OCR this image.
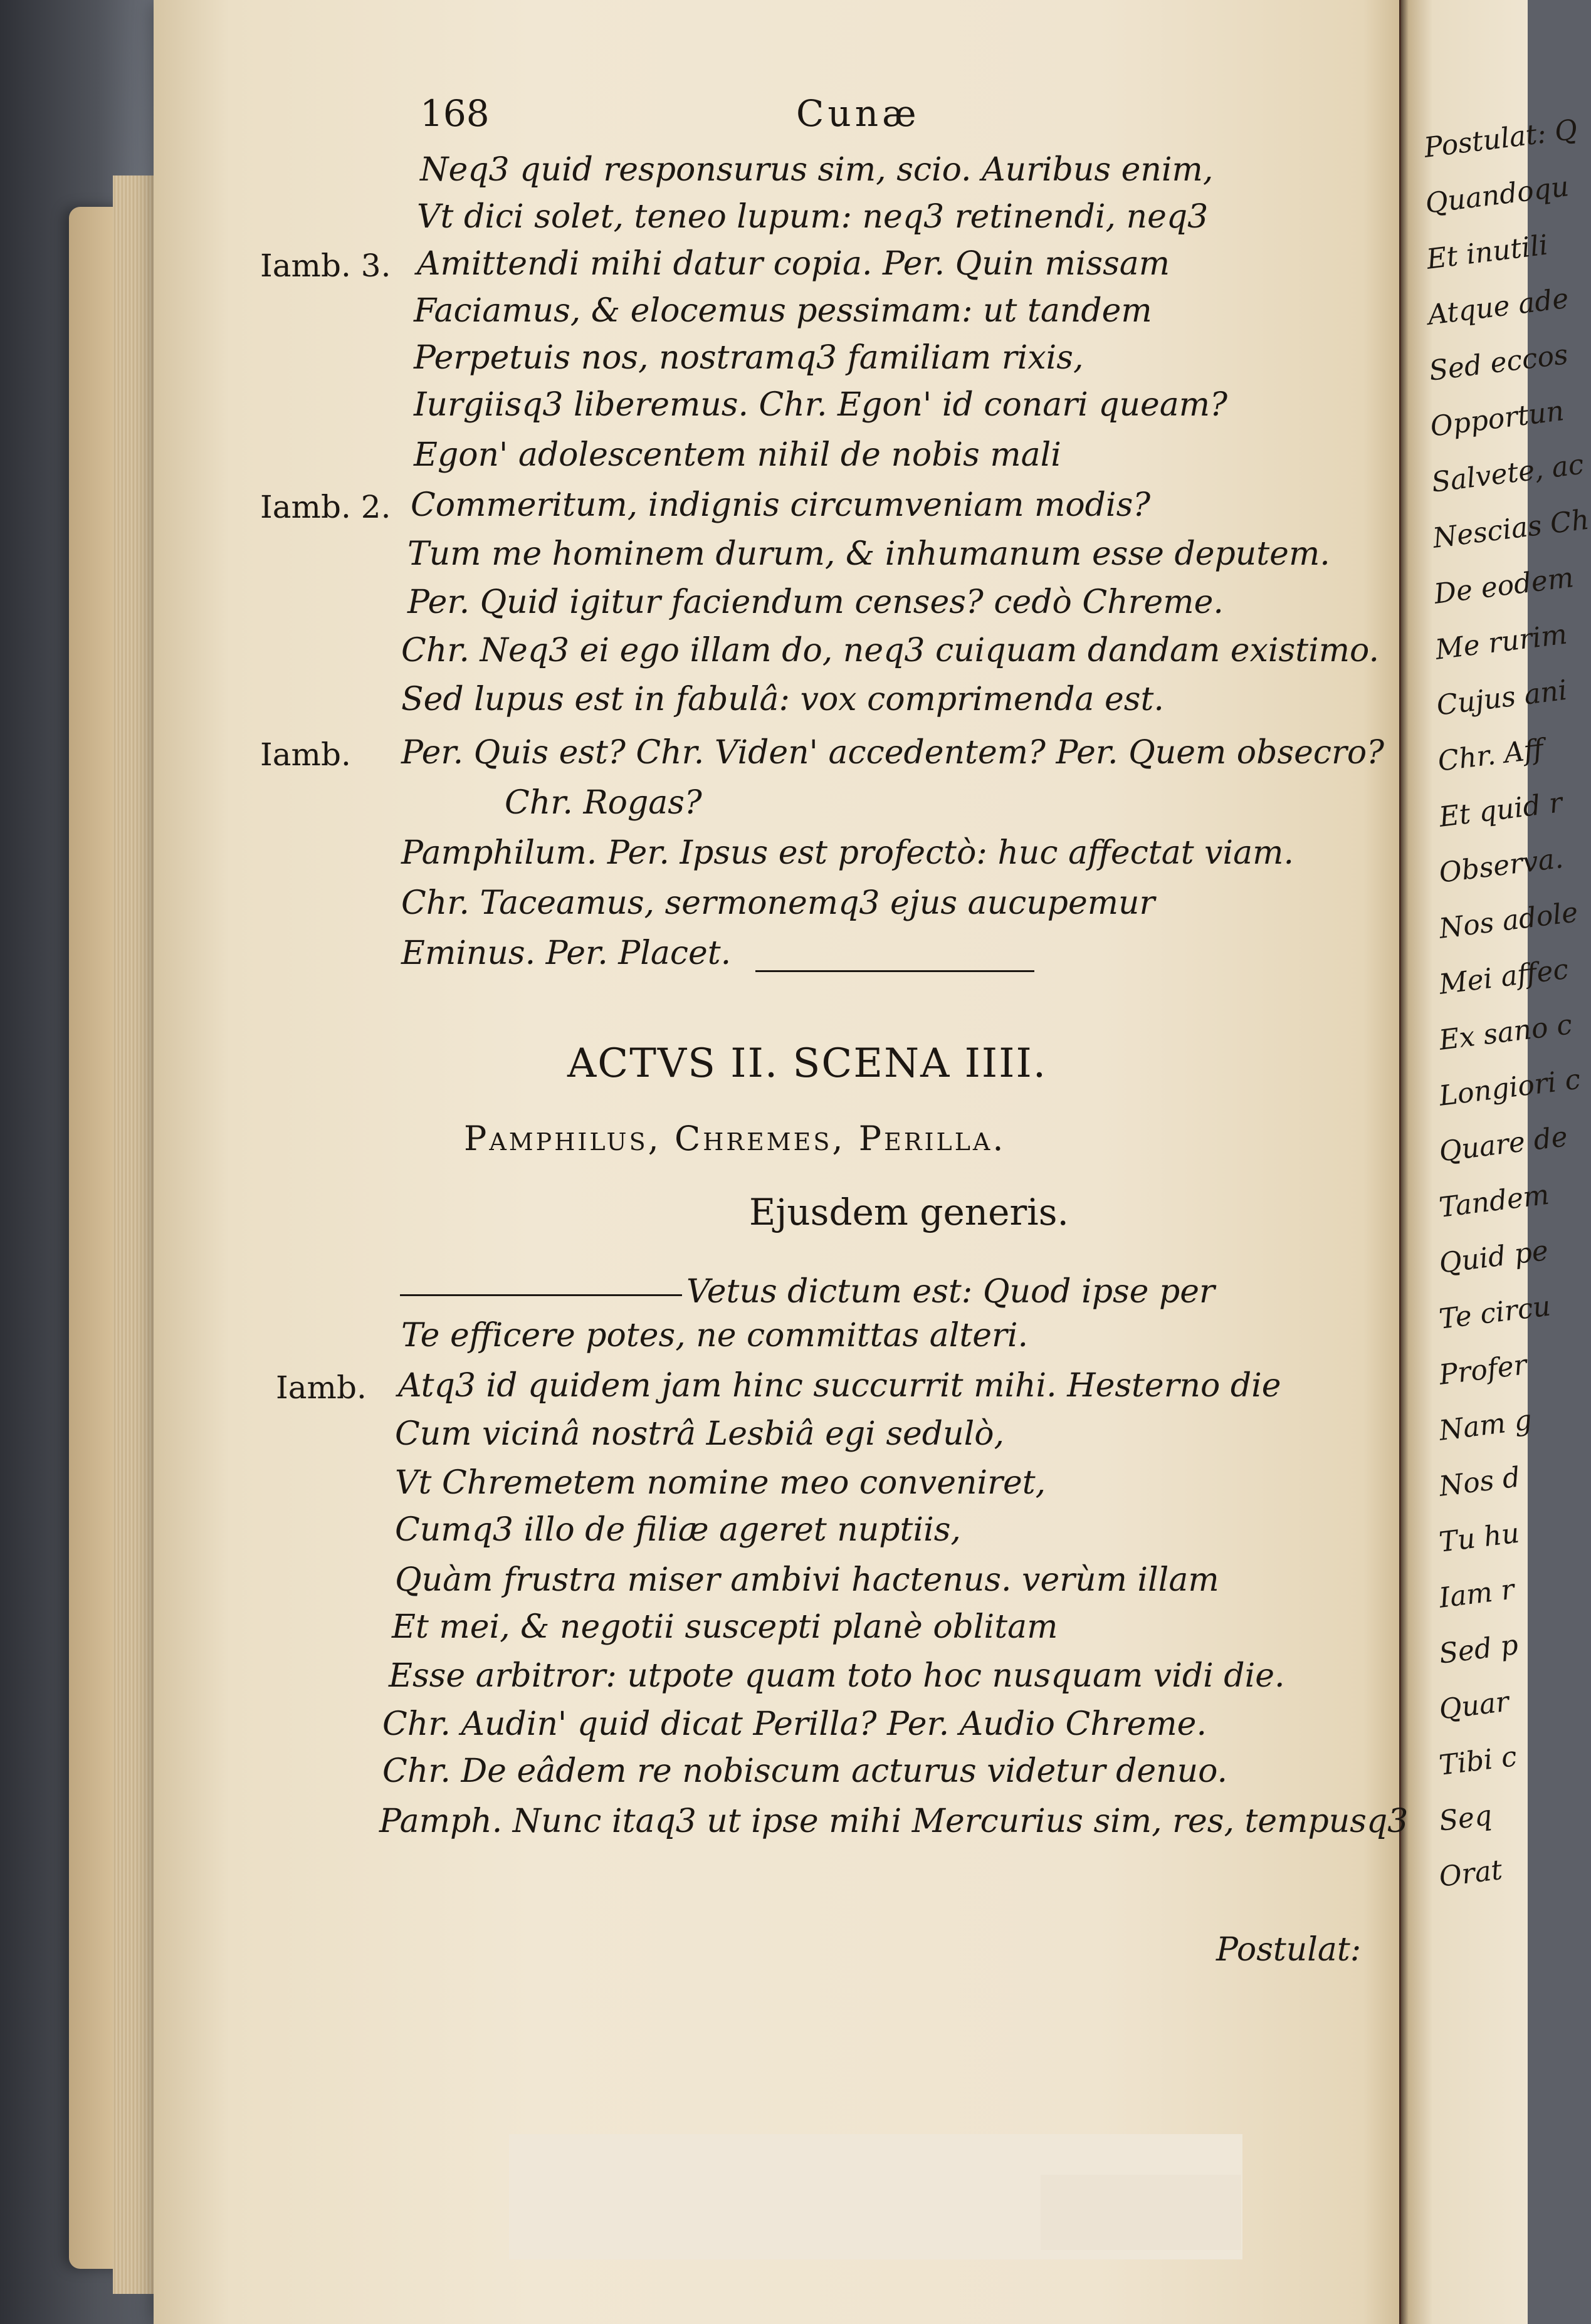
168	Cunæ
Neq3 quid responsurus sim, scio. Auribus enim,
Vt dici solet, teneo lupum: neq3 retinendi, neq3
Iamb. 3. Amittendi mihi datur copia. Per. Quin missam
Faciamus, & elocemus pessimam: ut tandem
Perpetuis nos, nostramq3 familiam rixis,
Iurgiisq3 liberemus. Chr. Egon' id conari queam?
Egon' adolescentem nihil de nobis mali
Iamb. 2. Commeritum, indignis circumveniam modis?
Tum me hominem durum, & inhumanum esse deputem.
Per. Quid igitur faciendum censes? cedò Chreme.
Chr. Neq3 ei ego illam do, neq3 cuiquam dandam existimo.
Sed lupus est in fabulâ: vox comprimenda est.
Iamb. Per. Quis est? Chr. Viden' accedentem? Per. Quem obsecro?
Chr. Rogas?
Pamphilum. Per. Ipsus est profectò: huc affectat viam.
Chr. Taceamus, sermonemq3 ejus aucupemur
Eminus. Per. Placet.
ACTVS II. SCENA IIII.
Pamphilus, Chremes, Perilla.
Ejusdem generis.
Vetus dictum est: Quod ipse per
Te efficere potes, ne committas alteri.
Iamb. Atq3 id quidem jam hinc succurrit mihi. Hesterno die
Cum vicinâ nostrâ Lesbiâ egi sedulò,
Vt Chremetem nomine meo conveniret,
Cumq3 illo de filiæ ageret nuptiis,
Quàm frustra miser ambivi hactenus. verùm illam
Et mei, & negotii suscepti planè oblitam
Esse arbitror: utpote quam toto hoc nusquam vidi die.
Chr. Audin' quid dicat Perilla? Per. Audio Chreme.
Chr. De eâdem re nobiscum acturus videtur denuo.
Pamph. Nunc itaq3 ut ipse mihi Mercurius sim, res, tempusq3
Postulat:
Postulat: Q
Quandoqu
Et inutili
Atque ade
Sed eccos
Opportun
Salvete, ac
Nescias Ch
De eodem
Me rurim
Cujus ani
Chr. Aff
Et quid r
Observa.
Nos adole
Mei affec
Ex sano c
Longiori c
Quare de
Tandem
Quid pe
Te circu
Profer
Nam g
Nos d
Tu hu
Iam r
Sed p
Quar
Tibi c
Seq
Orat
